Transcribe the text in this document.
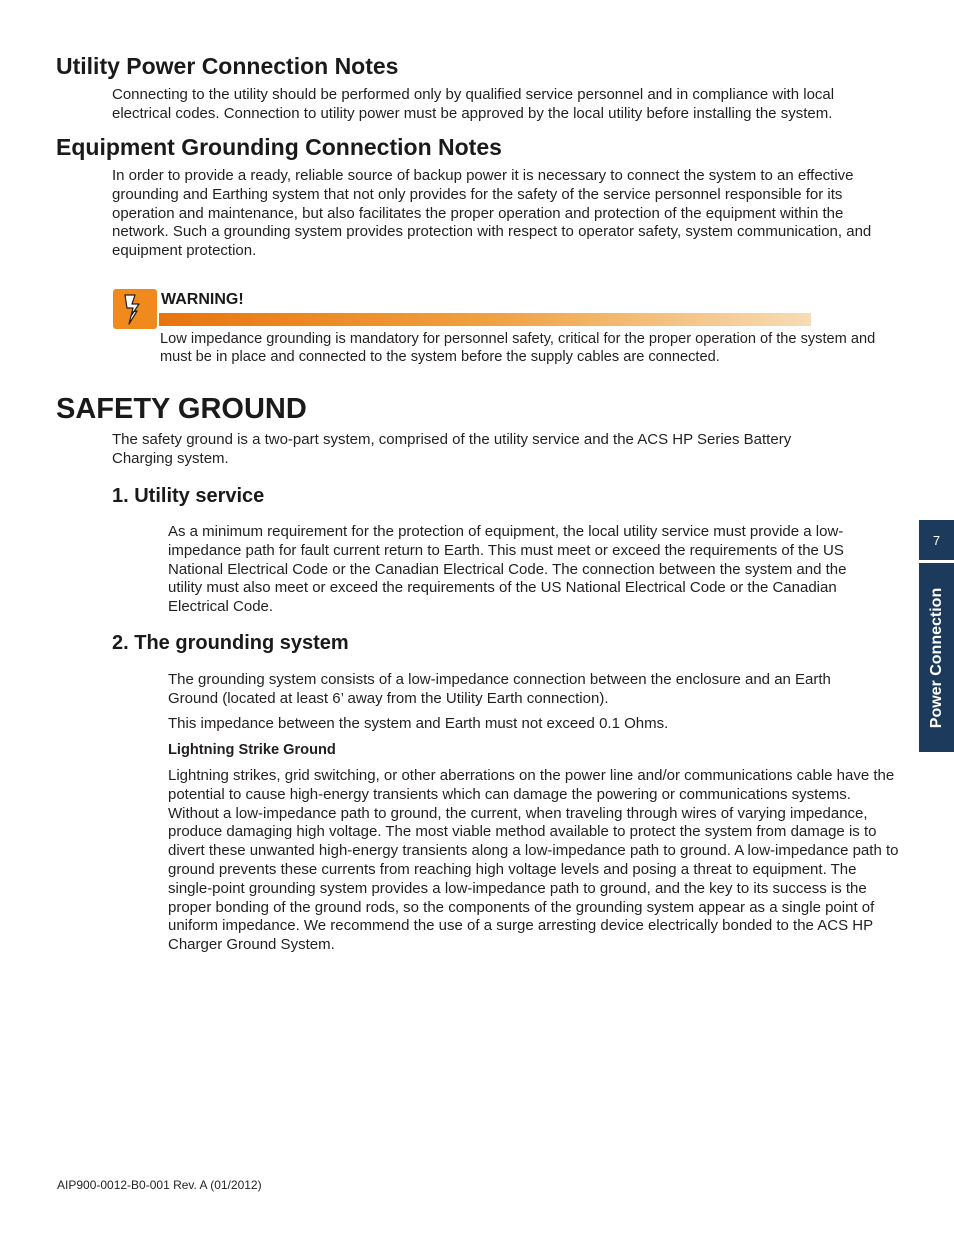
Utility Power Connection Notes

Connecting to the utility should be performed only by qualified service personnel and in compliance with local electrical codes. Connection to utility power must be approved by the local utility before installing the system.

Equipment Grounding Connection Notes

In order to provide a ready, reliable source of backup power it is necessary to connect the system to an effective grounding and Earthing system that not only provides for the safety of the service personnel responsible for its operation and maintenance, but also facilitates the proper operation and protection of the equipment within the network. Such a grounding system provides protection with respect to operator safety, system communication, and equipment protection.

WARNING!

Low impedance grounding is mandatory for personnel safety, critical for the proper operation of the system and must be in place and connected to the system before the supply cables are connected.

SAFETY GROUND

The safety ground is a two-part system, comprised of the utility service and the ACS HP Series Battery Charging system.

1. Utility service

As a minimum requirement for the protection of equipment, the local utility service must provide a low-impedance path for fault current return to Earth. This must meet or exceed the requirements of the US National Electrical Code or the Canadian Electrical Code. The connection between the system and the utility must also meet or exceed the requirements of the US National Electrical Code or the Canadian Electrical Code.

2. The grounding system

The grounding system consists of a low-impedance connection between the enclosure and an Earth Ground (located at least 6’ away from the Utility Earth connection).

This impedance between the system and Earth must not exceed 0.1 Ohms.

Lightning Strike Ground

Lightning strikes, grid switching, or other aberrations on the power line and/or communications cable have the potential to cause high-energy transients which can damage the powering or communications systems. Without a low-impedance path to ground, the current, when traveling through wires of varying impedance, produce damaging high voltage. The most viable method available to protect the system from damage is to divert these unwanted high-energy transients along a low-impedance path to ground. A low-impedance path to ground prevents these currents from reaching high voltage levels and posing a threat to equipment. The single-point grounding system provides a low-impedance path to ground, and the key to its success is the proper bonding of the ground rods, so the components of the grounding system appear as a single point of uniform impedance. We recommend the use of a surge arresting device electrically bonded to the ACS HP Charger Ground System.

7
Power Connection
AIP900-0012-B0-001 Rev. A (01/2012)
